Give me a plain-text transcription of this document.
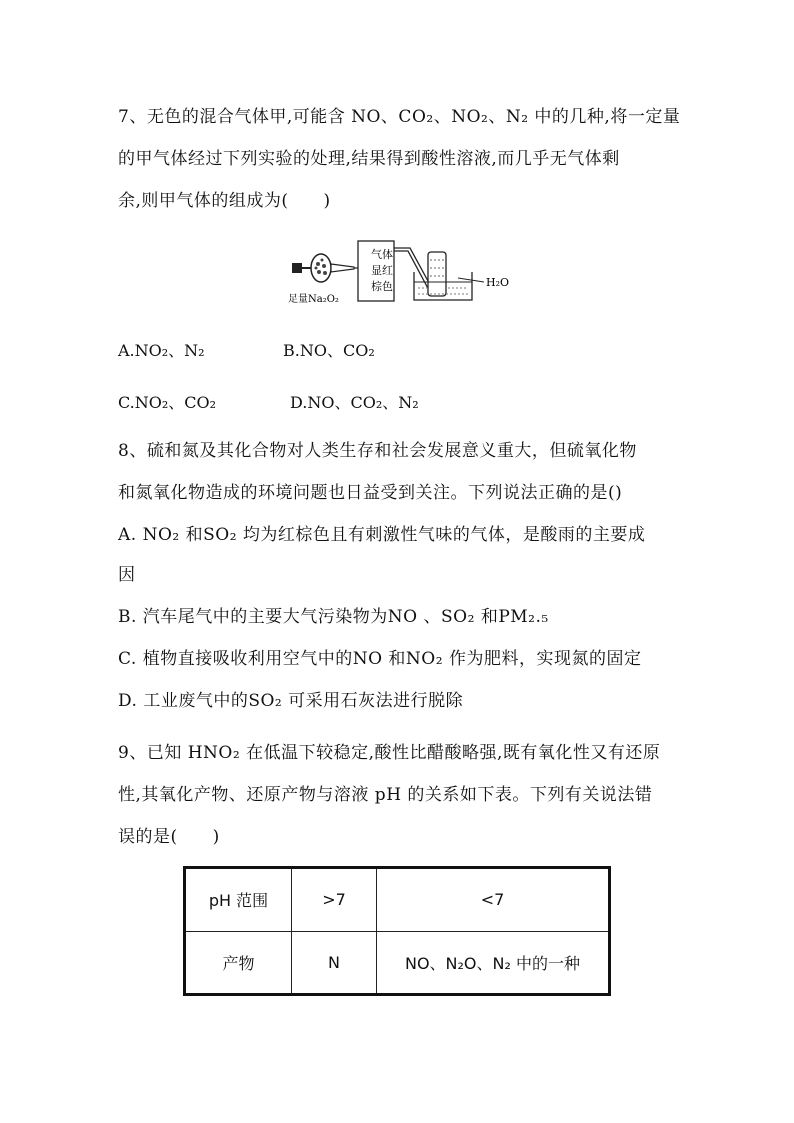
7、无色的混合气体甲,可能含 NO、CO₂、NO₂、N₂ 中的几种,将一定量
的甲气体经过下列实验的处理,结果得到酸性溶液,而几乎无气体剩
余,则甲气体的组成为(　　)
气体
显红
棕色
足量Na₂O₂
H₂O
A.NO₂、N₂	B.NO、CO₂
C.NO₂、CO₂	D.NO、CO₂、N₂
8、硫和氮及其化合物对人类生存和社会发展意义重大，但硫氧化物
和氮氧化物造成的环境问题也日益受到关注。下列说法正确的是()
A. NO₂ 和SO₂ 均为红棕色且有刺激性气味的气体，是酸雨的主要成
因
B. 汽车尾气中的主要大气污染物为NO 、SO₂ 和PM₂.₅
C. 植物直接吸收利用空气中的NO 和NO₂ 作为肥料，实现氮的固定
D. 工业废气中的SO₂ 可采用石灰法进行脱除
9、已知 HNO₂ 在低温下较稳定,酸性比醋酸略强,既有氧化性又有还原
性,其氧化产物、还原产物与溶液 pH 的关系如下表。下列有关说法错
误的是(　　)
pH 范围	>7	<7
产物	N	NO、N₂O、N₂ 中的一种
